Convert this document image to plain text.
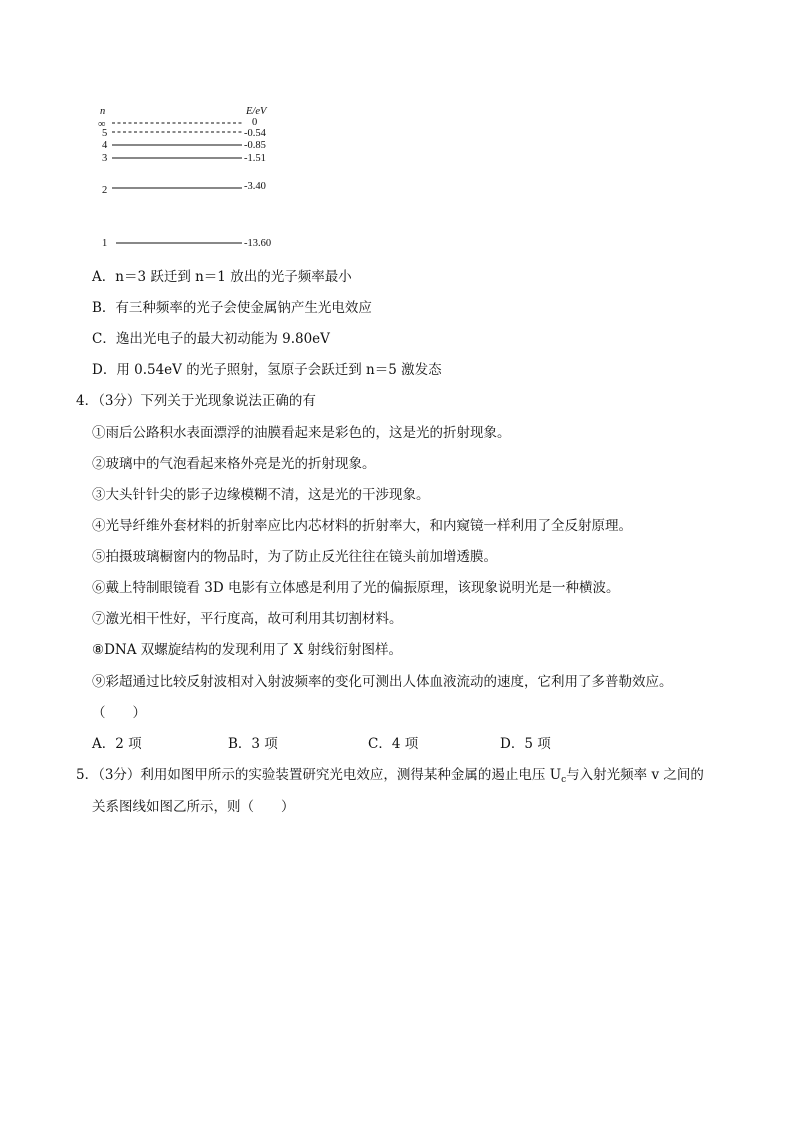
n	E/eV
∞	0
5	-0.54
4	-0.85
3	-1.51
2	-3.40
1	-13.60
A．n＝3 跃迁到 n＝1 放出的光子频率最小
B．有三种频率的光子会使金属钠产生光电效应
C．逸出光电子的最大初动能为 9.80eV
D．用 0.54eV 的光子照射，氢原子会跃迁到 n＝5 激发态
4．（3分）下列关于光现象说法正确的有
①雨后公路积水表面漂浮的油膜看起来是彩色的，这是光的折射现象。
②玻璃中的气泡看起来格外亮是光的折射现象。
③大头针针尖的影子边缘模糊不清，这是光的干涉现象。
④光导纤维外套材料的折射率应比内芯材料的折射率大，和内窥镜一样利用了全反射原理。
⑤拍摄玻璃橱窗内的物品时，为了防止反光往往在镜头前加增透膜。
⑥戴上特制眼镜看 3D 电影有立体感是利用了光的偏振原理，该现象说明光是一种横波。
⑦激光相干性好，平行度高，故可利用其切割材料。
⑧DNA 双螺旋结构的发现利用了 X 射线衍射图样。
⑨彩超通过比较反射波相对入射波频率的变化可测出人体血液流动的速度，它利用了多普勒效应。
（　　）
A．2 项	B．3 项	C．4 项	D．5 项
5．（3分）利用如图甲所示的实验装置研究光电效应，测得某种金属的遏止电压 $U_c$与入射光频率 v 之间的
关系图线如图乙所示，则（　　）
